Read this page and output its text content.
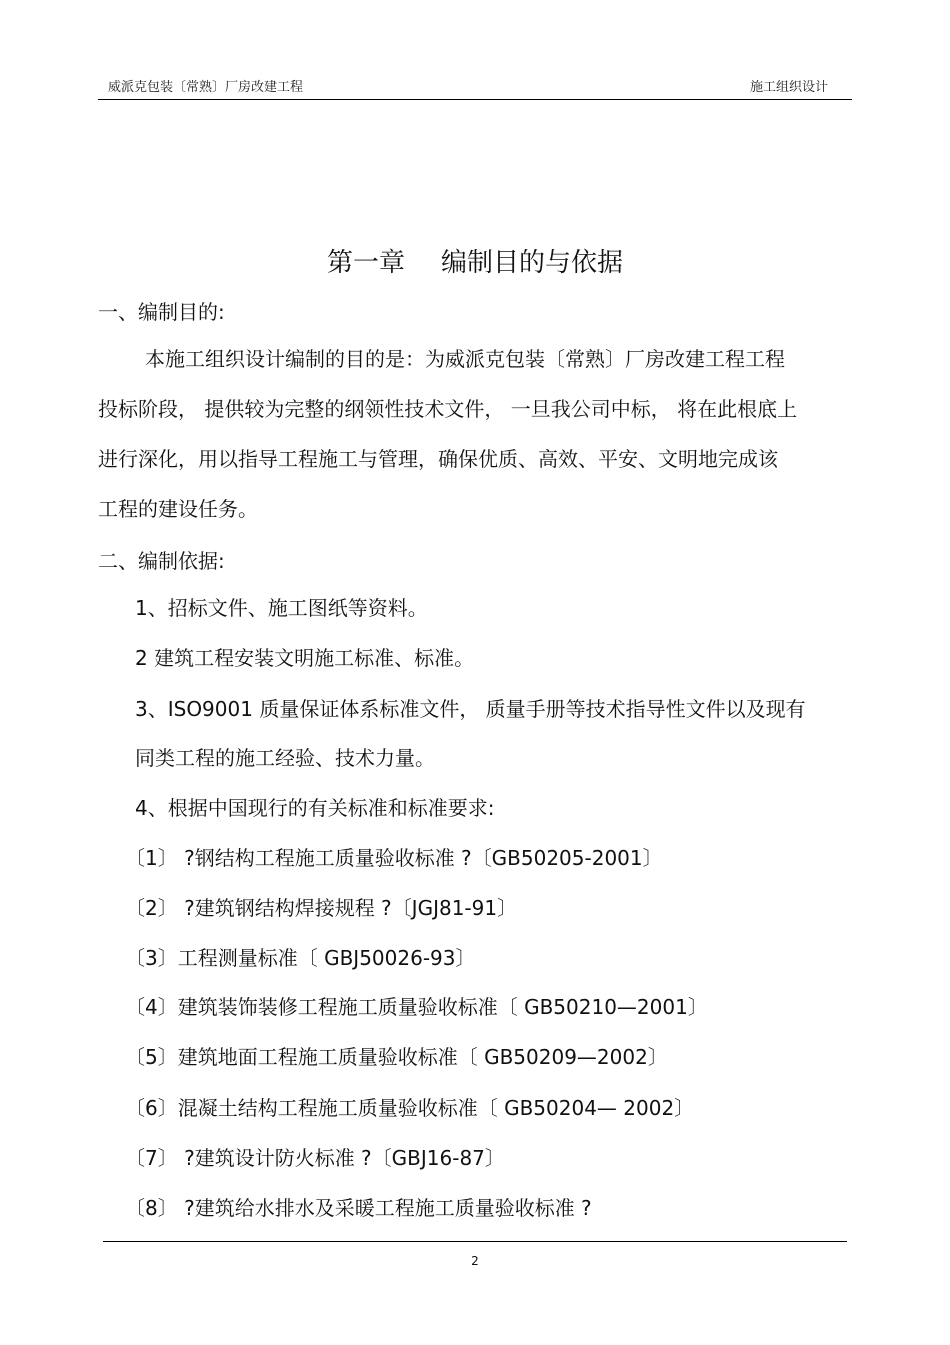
威派克包装〔常熟〕厂房改建工程	施工组织设计
第一章 编制目的与依据
一、编制目的:
本施工组织设计编制的目的是：为威派克包装〔常熟〕厂房改建工程工程
投标阶段， 提供较为完整的纲领性技术文件， 一旦我公司中标， 将在此根底上
进行深化，用以指导工程施工与管理，确保优质、高效、平安、文明地完成该
工程的建设任务。
二、编制依据:
1、招标文件、施工图纸等资料。
2 建筑工程安装文明施工标准、标准。
3、ISO9001 质量保证体系标准文件， 质量手册等技术指导性文件以及现有
同类工程的施工经验、技术力量。
4、根据中国现行的有关标准和标准要求:
〔1〕 ?钢结构工程施工质量验收标准 ?〔GB50205-2001〕
〔2〕 ?建筑钢结构焊接规程 ?〔JGJ81-91〕
〔3〕工程测量标准〔 GBJ50026-93〕
〔4〕建筑装饰装修工程施工质量验收标准〔 GB50210—2001〕
〔5〕建筑地面工程施工质量验收标准〔 GB50209—2002〕
〔6〕混凝土结构工程施工质量验收标准〔 GB50204— 2002〕
〔7〕 ?建筑设计防火标准 ?〔GBJ16-87〕
〔8〕 ?建筑给水排水及采暖工程施工质量验收标准 ?
2
